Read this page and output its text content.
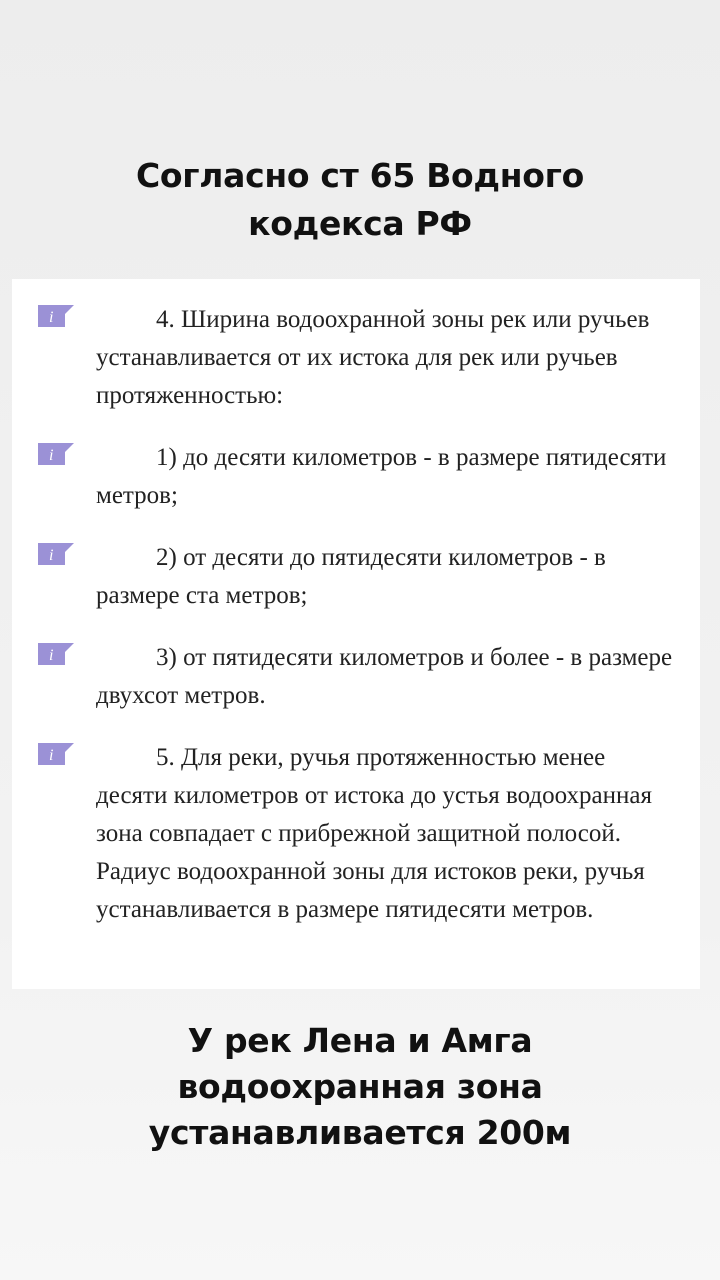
Согласно ст 65 Водного
кодекса РФ
i	4. Ширина водоохранной зоны рек или ручьев устанавливается от их истока для рек или ручьев протяженностью:

i	1) до десяти километров - в размере пятидесяти метров;

i	2) от десяти до пятидесяти километров - в размере ста метров;

i	3) от пятидесяти километров и более - в размере двухсот метров.

i	5. Для реки, ручья протяженностью менее десяти километров от истока до устья водоохранная зона совпадает с прибрежной защитной полосой. Радиус водоохранной зоны для истоков реки, ручья устанавливается в размере пятидесяти метров.

У рек Лена и Амга
водоохранная зона
устанавливается 200м
